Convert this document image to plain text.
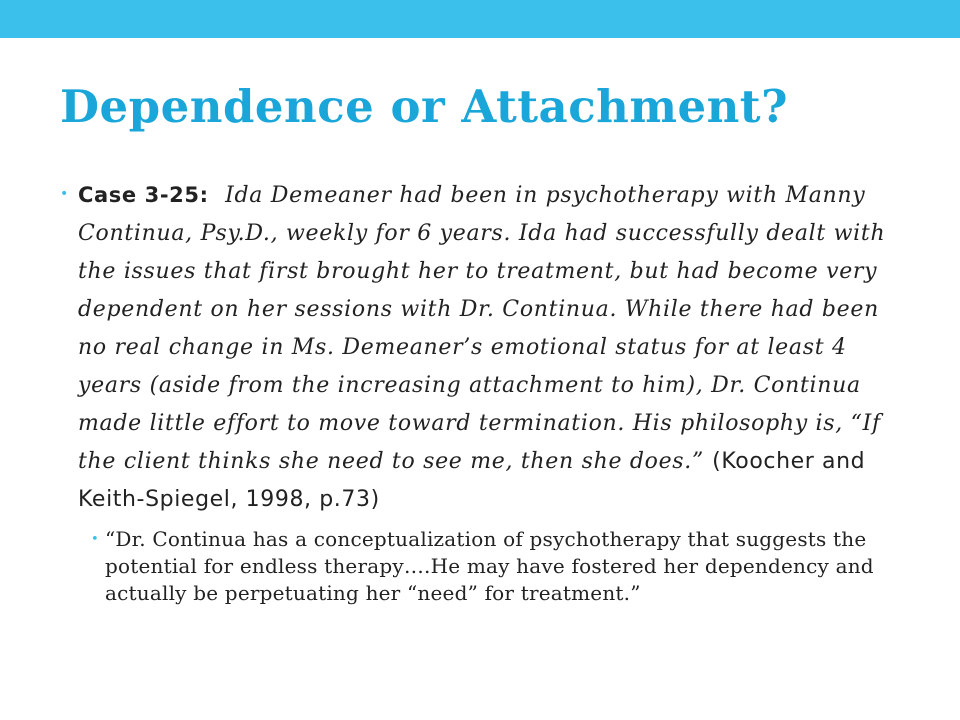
Dependence or Attachment?
• Case 3-25: Ida Demeaner had been in psychotherapy with Manny Continua, Psy.D., weekly for 6 years. Ida had successfully dealt with the issues that first brought her to treatment, but had become very dependent on her sessions with Dr. Continua. While there had been no real change in Ms. Demeaner’s emotional status for at least 4 years (aside from the increasing attachment to him), Dr. Continua made little effort to move toward termination. His philosophy is, “If the client thinks she need to see me, then she does.” (Koocher and Keith-Spiegel, 1998, p.73)
• “Dr. Continua has a conceptualization of psychotherapy that suggests the potential for endless therapy….He may have fostered her dependency and actually be perpetuating her “need” for treatment.”
